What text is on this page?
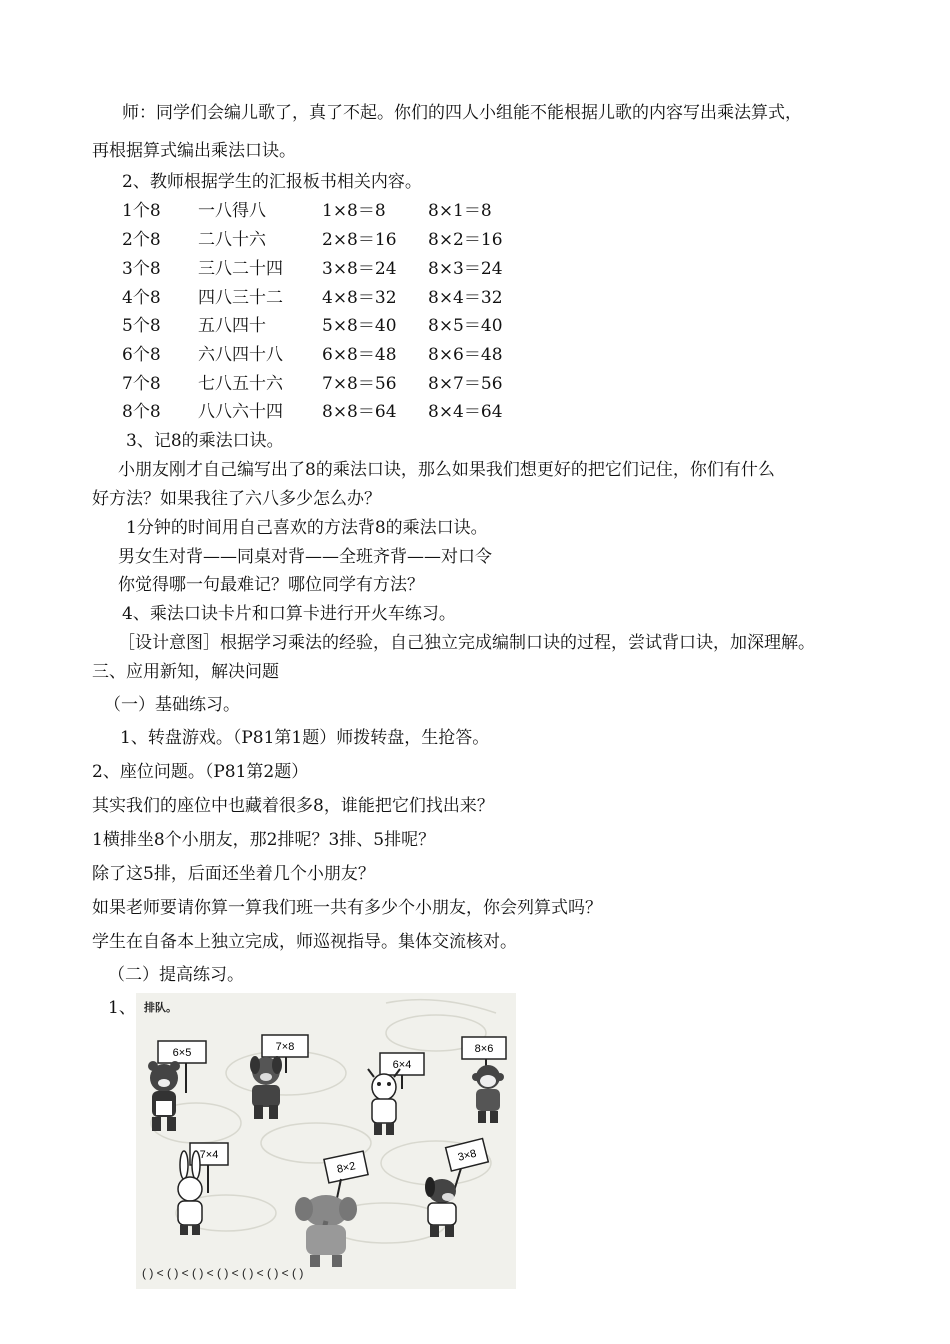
师：同学们会编儿歌了，真了不起。你们的四人小组能不能根据儿歌的内容写出乘法算式，
再根据算式编出乘法口诀。
2、教师根据学生的汇报板书相关内容。
1个8 一八得八	1×8＝8 8×1＝8
2个8 二八十六	2×8＝16 8×2＝16
3个8 三八二十四 3×8＝24 8×3＝24
4个8 四八三十二 4×8＝32 8×4＝32
5个8 五八四十	5×8＝40 8×5＝40
6个8 六八四十八 6×8＝48 8×6＝48
7个8 七八五十六 7×8＝56 8×7＝56
8个8 八八六十四 8×8＝64 8×4＝64
3、记8的乘法口诀。
小朋友刚才自己编写出了8的乘法口诀，那么如果我们想更好的把它们记住，你们有什么
好方法？如果我往了六八多少怎么办？
1分钟的时间用自己喜欢的方法背8的乘法口诀。
男女生对背——同桌对背——全班齐背——对口令
你觉得哪一句最难记？哪位同学有方法？
4、乘法口诀卡片和口算卡进行开火车练习。
［设计意图］根据学习乘法的经验，自己独立完成编制口诀的过程，尝试背口诀，加深理解。
三、应用新知，解决问题
（一）基础练习。
1、转盘游戏。（P81第1题）师拨转盘，生抢答。
2、座位问题。（P81第2题）
其实我们的座位中也藏着很多8，谁能把它们找出来？
1横排坐8个小朋友，那2排呢？3排、5排呢？
除了这5排，后面还坐着几个小朋友？
如果老师要请你算一算我们班一共有多少个小朋友，你会列算式吗？
学生在自备本上独立完成，师巡视指导。集体交流核对。
（二）提高练习。
1、 排队。
6×5	7×8
6×4
8×6
7×4
8×2
3×8
( ) < ( ) < ( ) < ( ) < ( ) < ( ) < ( )
